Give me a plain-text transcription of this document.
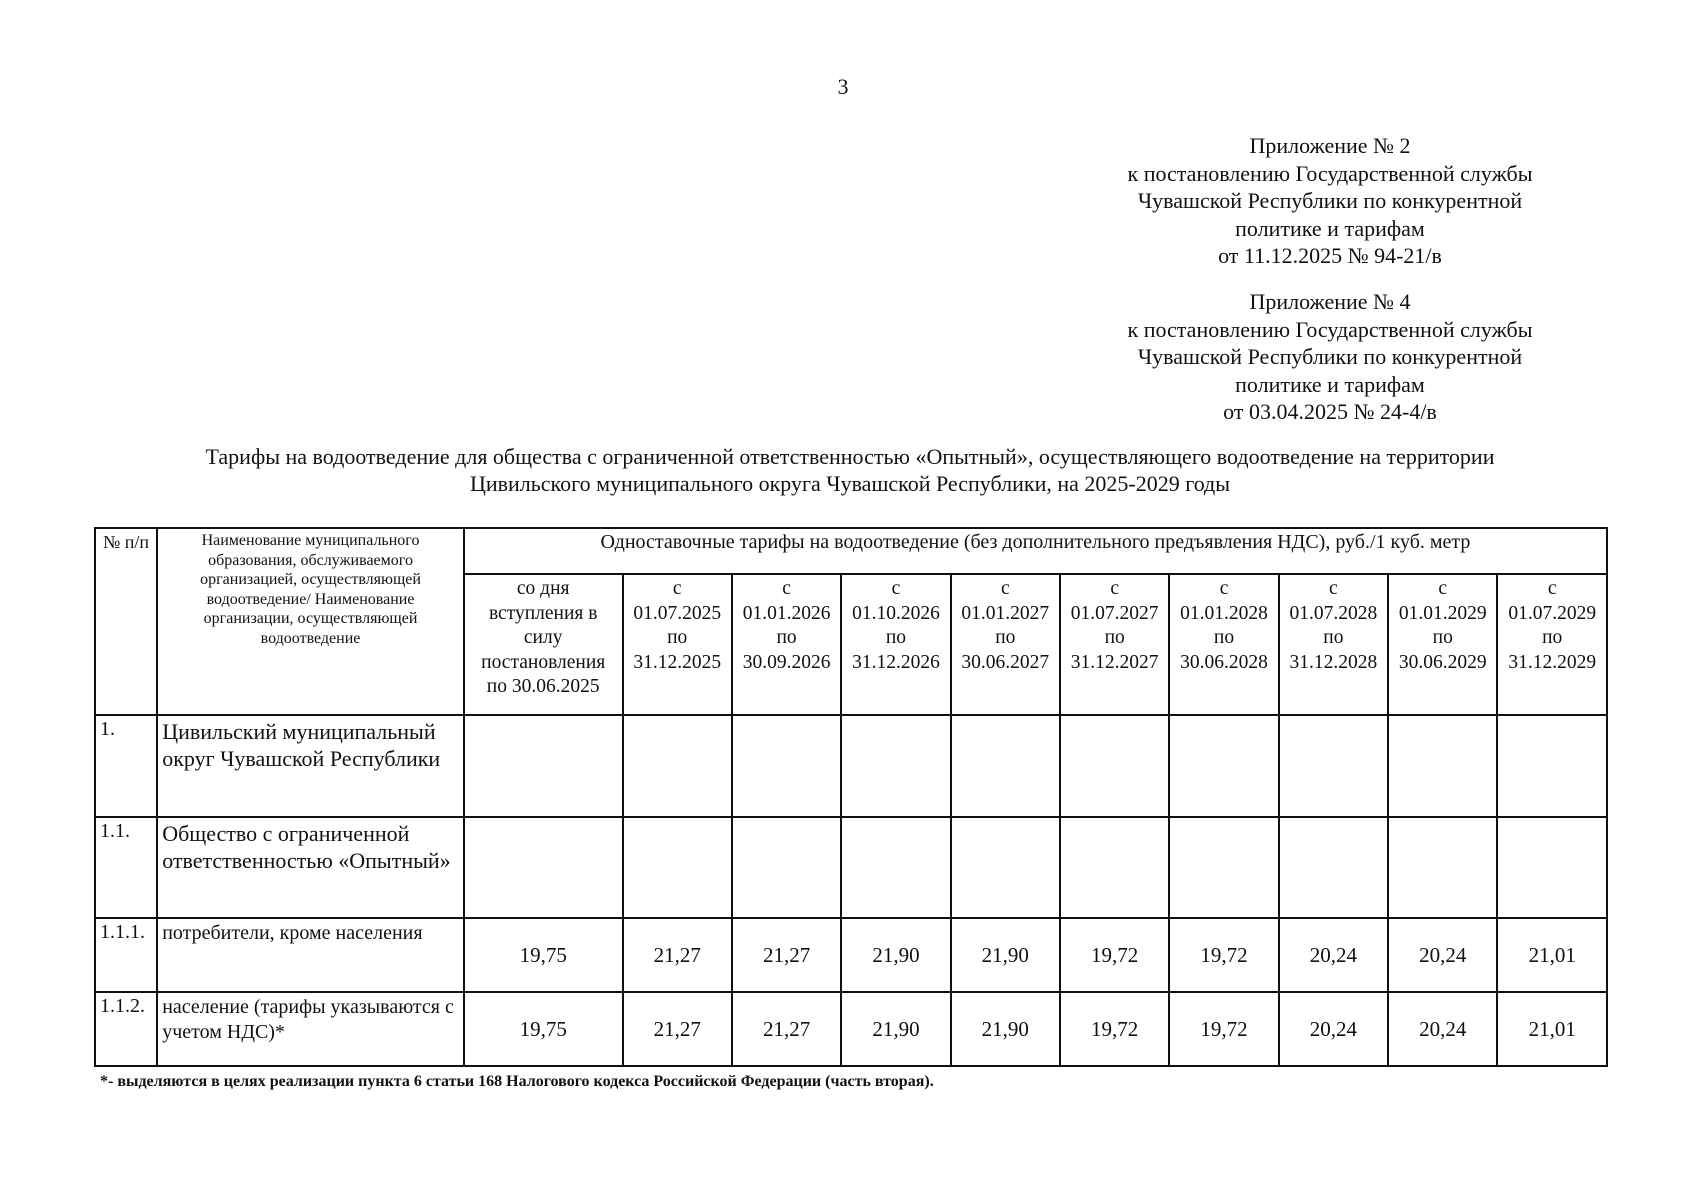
3
Приложение № 2
к постановлению Государственной службы
Чувашской Республики по конкурентной
политике и тарифам
от 11.12.2025 № 94-21/в
Приложение № 4
к постановлению Государственной службы
Чувашской Республики по конкурентной
политике и тарифам
от 03.04.2025 № 24-4/в
Тарифы на водоотведение для общества с ограниченной ответственностью «Опытный», осуществляющего водоотведение на территории
Цивильского муниципального округа Чувашской Республики, на 2025-2029 годы
№ п/п	Наименование муниципального образования, обслуживаемого организацией, осуществляющей водоотведение/ Наименование организации, осуществляющей водоотведение	Одноставочные тарифы на водоотведение (без дополнительного предъявления НДС), руб./1 куб. метр									

		со дня
вступления в
силу
постановления
по 30.06.2025	с
01.07.2025
по
31.12.2025	с
01.01.2026
по
30.09.2026	с
01.10.2026
по
31.12.2026	с
01.01.2027
по
30.06.2027	с
01.07.2027
по
31.12.2027	с
01.01.2028
по
30.06.2028	с
01.07.2028
по
31.12.2028	с
01.01.2029
по
30.06.2029	с
01.07.2029
по
31.12.2029

1.	Цивильский муниципальный округ Чувашской Республики										
1.1.	Общество с ограниченной ответственностью «Опытный»										
1.1.1.	потребители, кроме населения	19,75	21,27	21,27	21,90	21,90	19,72	19,72	20,24	20,24	21,01
1.1.2.	население (тарифы указываются с учетом НДС)*	19,75	21,27	21,27	21,90	21,90	19,72	19,72	20,24	20,24	21,01
*- выделяются в целях реализации пункта 6 статьи 168 Налогового кодекса Российской Федерации (часть вторая).
